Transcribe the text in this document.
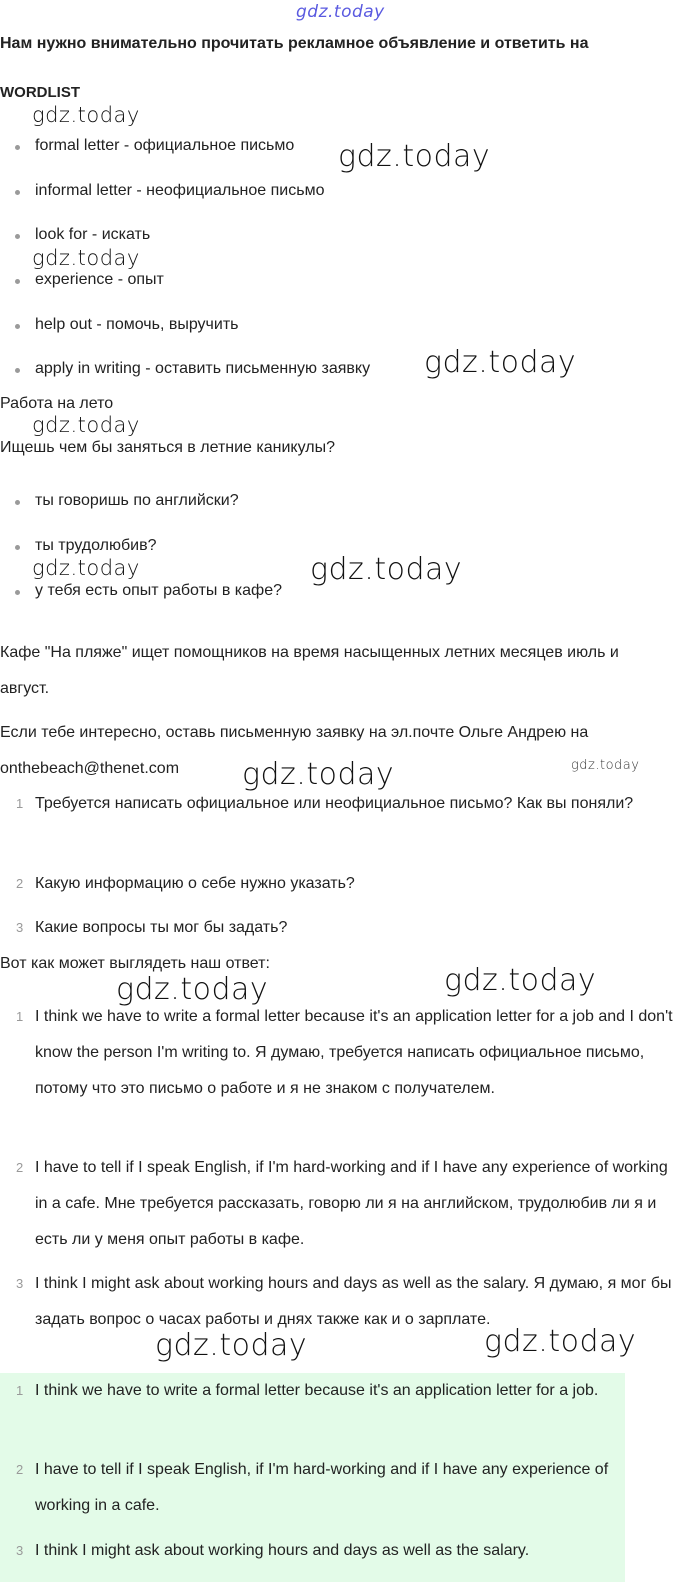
gdz.today
gdz.today
gdz.today
gdz.today
gdz.today
gdz.today
gdz.today	gdz.today
gdz.today	gdz.today
gdz.today
gdz.today
gdz.today	gdz.today
Нам нужно внимательно прочитать рекламное объявление и ответить на
WORDLIST
formal letter - официальное письмо
informal letter - неофициальное письмо
look for - искать
experience - опыт
help out - помочь, выручить
apply in writing - оставить письменную заявку
Работа на лето
Ищешь чем бы заняться в летние каникулы?
ты говоришь по английски?
ты трудолюбив?
у тебя есть опыт работы в кафе?
Кафе "На пляже" ищет помощников на время насыщенных летних месяцев июль и август.
Если тебе интересно, оставь письменную заявку на эл.почте Ольге Андрею на onthebeach@thenet.com
1 Требуется написать официальное или неофициальное письмо? Как вы поняли?
2 Какую информацию о себе нужно указать?
3 Какие вопросы ты мог бы задать?
Вот как может выглядеть наш ответ:
1 I think we have to write a formal letter because it's an application letter for a job and I don't know the person I'm writing to. Я думаю, требуется написать официальное письмо, потому что это письмо о работе и я не знаком с получателем.
2 I have to tell if I speak English, if I'm hard-working and if I have any experience of working in a cafe. Мне требуется рассказать, говорю ли я на английском, трудолюбив ли я и есть ли у меня опыт работы в кафе.
3 I think I might ask about working hours and days as well as the salary. Я думаю, я мог бы задать вопрос о часах работы и днях также как и о зарплате.
1 I think we have to write a formal letter because it's an application letter for a job.
2 I have to tell if I speak English, if I'm hard-working and if I have any experience of working in a cafe.
3 I think I might ask about working hours and days as well as the salary.
